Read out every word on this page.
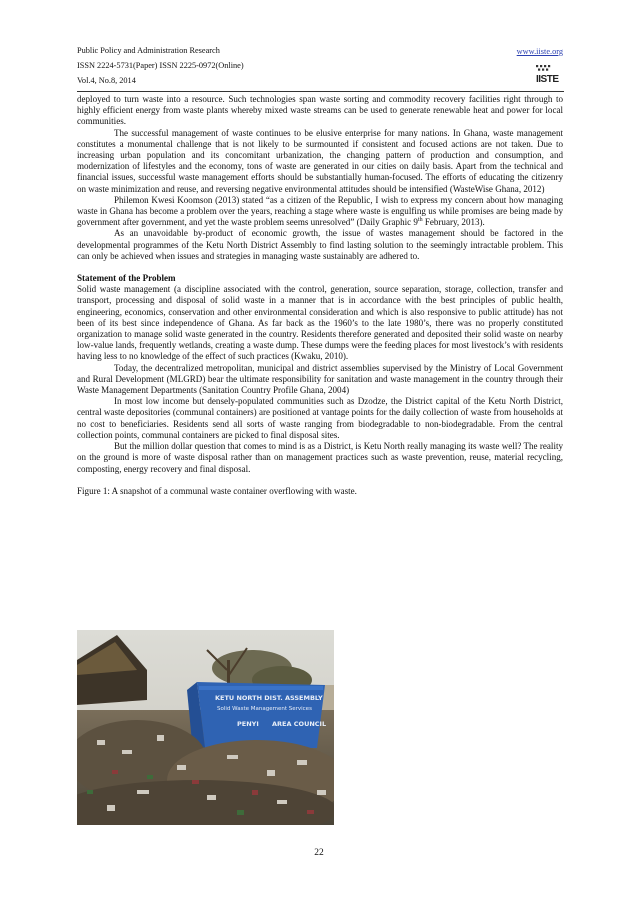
Public Policy and Administration Research
ISSN 2224-5731(Paper) ISSN 2225-0972(Online)
Vol.4, No.8, 2014
www.iiste.org
IISTE

deployed to turn waste into a resource. Such technologies span waste sorting and commodity recovery facilities right through to highly efficient energy from waste plants whereby mixed waste streams can be used to generate renewable heat and power for local communities.

The successful management of waste continues to be elusive enterprise for many nations. In Ghana, waste management constitutes a monumental challenge that is not likely to be surmounted if consistent and focused actions are not taken. Due to increasing urban population and its concomitant urbanization, the changing pattern of production and consumption, and modernization of lifestyles and the economy, tons of waste are generated in our cities on daily basis. Apart from the technical and financial issues, successful waste management efforts should be substantially human-focused. The efforts of educating the citizenry on waste minimization and reuse, and reversing negative environmental attitudes should be intensified (WasteWise Ghana, 2012)

Philemon Kwesi Koomson (2013) stated “as a citizen of the Republic, I wish to express my concern about how managing waste in Ghana has become a problem over the years, reaching a stage where waste is engulfing us while promises are being made by government after government, and yet the waste problem seems unresolved” (Daily Graphic 9th February, 2013).

As an unavoidable by-product of economic growth, the issue of wastes management should be factored in the developmental programmes of the Ketu North District Assembly to find lasting solution to the seemingly intractable problem. This can only be achieved when issues and strategies in managing waste sustainably are adhered to.

Statement of the Problem

Solid waste management (a discipline associated with the control, generation, source separation, storage, collection, transfer and transport, processing and disposal of solid waste in a manner that is in accordance with the best principles of public health, engineering, economics, conservation and other environmental consideration and which is also responsive to public attitude) has not been of its best since independence of Ghana. As far back as the 1960’s to the late 1980’s, there was no properly constituted organization to manage solid waste generated in the country. Residents therefore generated and deposited their solid waste on nearby low-value lands, frequently wetlands, creating a waste dump. These dumps were the feeding places for most livestock’s with residents having less to no knowledge of the effect of such practices (Kwaku, 2010).

Today, the decentralized metropolitan, municipal and district assemblies supervised by the Ministry of Local Government and Rural Development (MLGRD) bear the ultimate responsibility for sanitation and waste management in the country through their Waste Management Departments (Sanitation Country Profile Ghana, 2004)

In most low income but densely-populated communities such as Dzodze, the District capital of the Ketu North District, central waste depositories (communal containers) are positioned at vantage points for the daily collection of waste from households at no cost to beneficiaries. Residents send all sorts of waste ranging from biodegradable to non-biodegradable. From the central collection points, communal containers are picked to final disposal sites.

But the million dollar question that comes to mind is as a District, is Ketu North really managing its waste well? The reality on the ground is more of waste disposal rather than on management practices such as waste prevention, reuse, material recycling, composting, energy recovery and final disposal.

Figure 1: A snapshot of a communal waste container overflowing with waste.

KETU NORTH DIST. ASSEMBLY
Solid Waste Management Services
PENYI AREA COUNCIL
22
